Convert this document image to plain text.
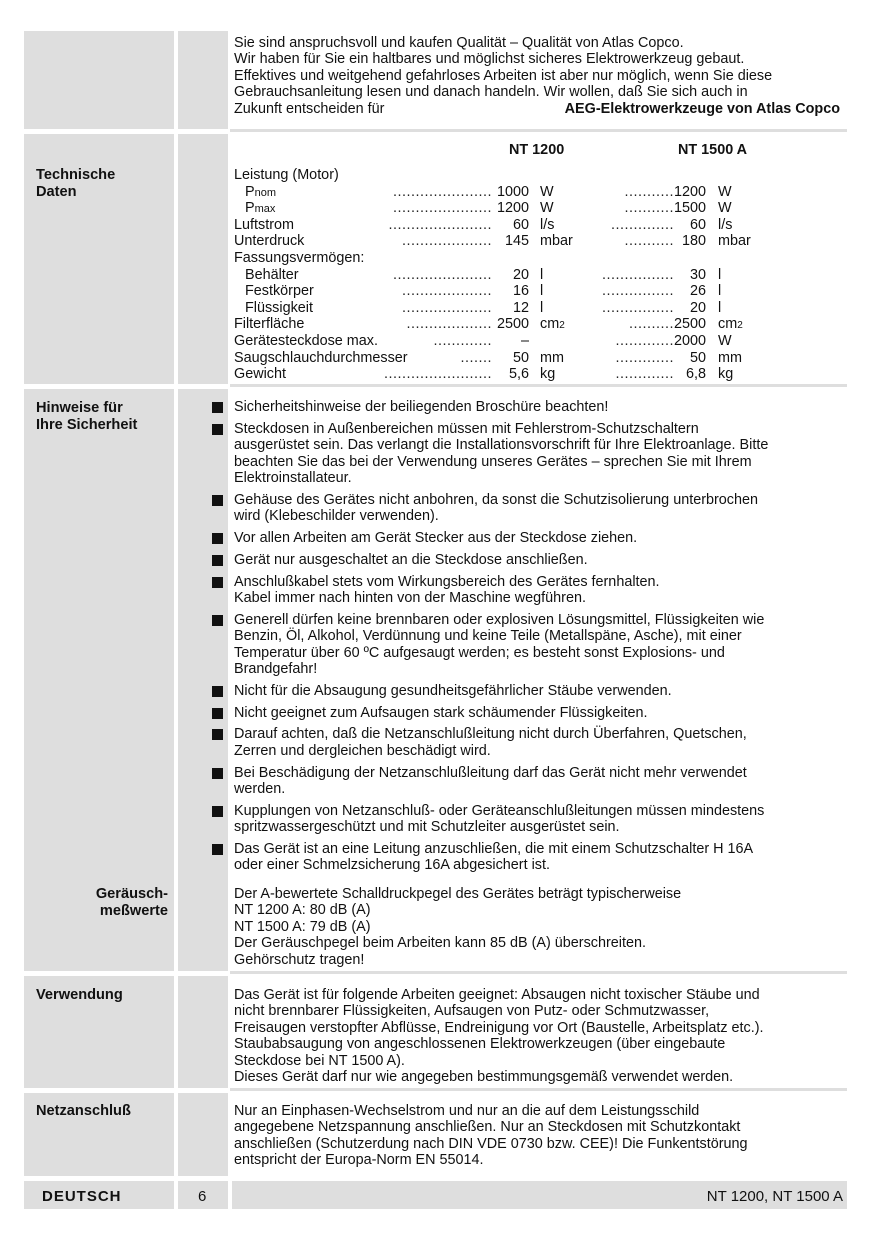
Sie sind anspruchsvoll und kaufen Qualität – Qualität von Atlas Copco.

Wir haben für Sie ein haltbares und möglichst sicheres Elektrowerkzeug gebaut.

Effektives und weitgehend gefahrloses Arbeiten ist aber nur möglich, wenn Sie diese

Gebrauchsanleitung lesen und danach handeln. Wir wollen, daß Sie sich auch in

Zukunft entscheiden für	AEG-Elektrowerkzeuge von Atlas Copco

Technische
Daten
Hinweise für
Ihre Sicherheit
Geräusch-
meßwerte
Verwendung
Netzanschluß
NT 1200	NT 1500 A
Leistung (Motor)
Pnom	...................... 1000 W	........... 1200 W
Pmax	...................... 1200 W	........... 1500 W
Luftstrom	....................... 60 l/s	.............. 60 l/s
Unterdruck	.................... 145 mbar	........... 180 mbar
Fassungsvermögen:
Behälter	...................... 20 l	................ 30 l
Festkörper	.................... 16 l	................ 26 l
Flüssigkeit	.................... 12 l	................ 20 l
Filterfläche	................... 2500 cm2	.......... 2500 cm2
Gerätesteckdose max.	............. –	............. 2000 W
Saugschlauchdurchmesser	....... 50 mm	............. 50 mm
Gewicht	........................ 5,6 kg	............. 6,8 kg
Sicherheitshinweise der beiliegenden Broschüre beachten!
Steckdosen in Außenbereichen müssen mit Fehlerstrom-Schutzschaltern
ausgerüstet sein. Das verlangt die Installationsvorschrift für Ihre Elektroanlage. Bitte
beachten Sie das bei der Verwendung unseres Gerätes – sprechen Sie mit Ihrem
Elektroinstallateur.
Gehäuse des Gerätes nicht anbohren, da sonst die Schutzisolierung unterbrochen
wird (Klebeschilder verwenden).
Vor allen Arbeiten am Gerät Stecker aus der Steckdose ziehen.
Gerät nur ausgeschaltet an die Steckdose anschließen.
Anschlußkabel stets vom Wirkungsbereich des Gerätes fernhalten.
Kabel immer nach hinten von der Maschine wegführen.
Generell dürfen keine brennbaren oder explosiven Lösungsmittel, Flüssigkeiten wie
Benzin, Öl, Alkohol, Verdünnung und keine Teile (Metallspäne, Asche), mit einer
Temperatur über 60 ºC aufgesaugt werden; es besteht sonst Explosions- und
Brandgefahr!
Nicht für die Absaugung gesundheitsgefährlicher Stäube verwenden.
Nicht geeignet zum Aufsaugen stark schäumender Flüssigkeiten.
Darauf achten, daß die Netzanschlußleitung nicht durch Überfahren, Quetschen,
Zerren und dergleichen beschädigt wird.
Bei Beschädigung der Netzanschlußleitung darf das Gerät nicht mehr verwendet
werden.
Kupplungen von Netzanschluß- oder Geräteanschlußleitungen müssen mindestens
spritzwassergeschützt und mit Schutzleiter ausgerüstet sein.
Das Gerät ist an eine Leitung anzuschließen, die mit einem Schutzschalter H 16A
oder einer Schmelzsicherung 16A abgesichert ist.

Der A-bewertete Schalldruckpegel des Gerätes beträgt typischerweise

NT 1200 A: 80 dB (A)

NT 1500 A: 79 dB (A)

Der Geräuschpegel beim Arbeiten kann 85 dB (A) überschreiten.

Gehörschutz tragen!

Das Gerät ist für folgende Arbeiten geeignet: Absaugen nicht toxischer Stäube und

nicht brennbarer Flüssigkeiten, Aufsaugen von Putz- oder Schmutzwasser,

Freisaugen verstopfter Abflüsse, Endreinigung vor Ort (Baustelle, Arbeitsplatz etc.).

Staubabsaugung von angeschlossenen Elektrowerkzeugen (über eingebaute

Steckdose bei NT 1500 A).

Dieses Gerät darf nur wie angegeben bestimmungsgemäß verwendet werden.

Nur an Einphasen-Wechselstrom und nur an die auf dem Leistungsschild

angegebene Netzspannung anschließen. Nur an Steckdosen mit Schutzkontakt

anschließen (Schutzerdung nach DIN VDE 0730 bzw. CEE)! Die Funkentstörung

entspricht der Europa-Norm EN 55014.

DEUTSCH	6	NT 1200, NT 1500 A
